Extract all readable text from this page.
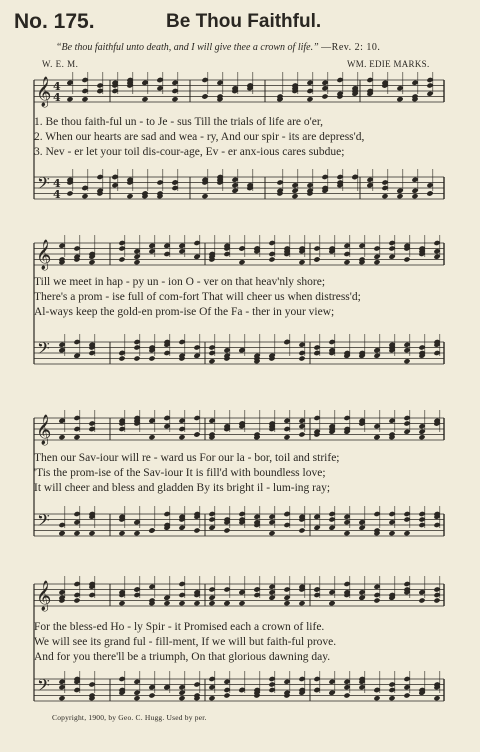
No. 175.	Be Thou Faithful.
“Be thou faithful unto death, and I will give thee a crown of life.” —Rev. 2: 10.
W. E. M.	WM. EDIE MARKS.
𝄞 4
4
𝄢 4
4
1. Be thou faith-ful un - to Je - sus Till the trials of life are o'er,
2. When our hearts are sad and wea - ry, And our spir - its are depress'd,
3. Nev - er let your toil dis-cour-age, Ev - er anx-ious cares subdue;
𝄞
𝄢
Till we meet in hap - py un - ion O - ver on that heav'nly shore;
There's a prom - ise full of com-fort That will cheer us when distress'd;
Al-ways keep the gold-en prom-ise Of the Fa - ther in your view;
𝄞
𝄢
Then our Sav-iour will re - ward us For our la - bor, toil and strife;
'Tis the prom-ise of the Sav-iour It is fill'd with boundless love;
It will cheer and bless and gladden By its bright il - lum-ing ray;
𝄞
𝄢
For the bless-ed Ho - ly Spir - it Promised each a crown of life.
We will see its grand ful - fill-ment, If we will but faith-ful prove.
And for you there'll be a triumph, On that glorious dawning day.
Copyright, 1900, by Geo. C. Hugg. Used by per.
